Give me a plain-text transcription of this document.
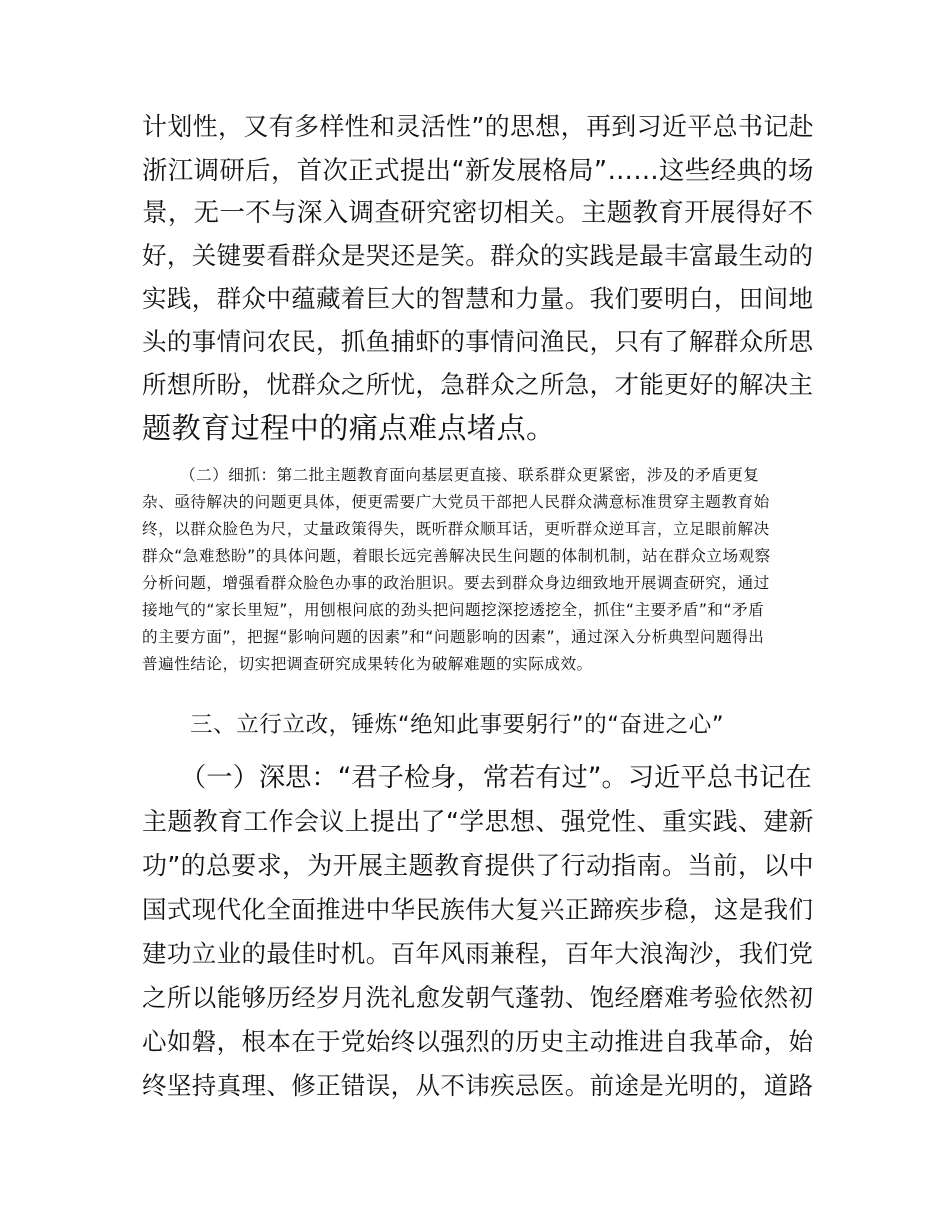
计划性，又有多样性和灵活性”的思想，再到习近平总书记赴
浙江调研后，首次正式提出“新发展格局”……这些经典的场
景，无一不与深入调查研究密切相关。主题教育开展得好不
好，关键要看群众是哭还是笑。群众的实践是最丰富最生动的
实践，群众中蕴藏着巨大的智慧和力量。我们要明白，田间地
头的事情问农民，抓鱼捕虾的事情问渔民，只有了解群众所思
所想所盼，忧群众之所忧，急群众之所急，才能更好的解决主
题教育过程中的痛点难点堵点。
（二）细抓：第二批主题教育面向基层更直接、联系群众更紧密，涉及的矛盾更复
杂、亟待解决的问题更具体，便更需要广大党员干部把人民群众满意标准贯穿主题教育始
终，以群众脸色为尺，丈量政策得失，既听群众顺耳话，更听群众逆耳言，立足眼前解决
群众“急难愁盼”的具体问题，着眼长远完善解决民生问题的体制机制，站在群众立场观察
分析问题，增强看群众脸色办事的政治胆识。要去到群众身边细致地开展调查研究，通过
接地气的“家长里短”，用刨根问底的劲头把问题挖深挖透挖全，抓住“主要矛盾”和“矛盾
的主要方面”，把握“影响问题的因素”和“问题影响的因素”，通过深入分析典型问题得出
普遍性结论，切实把调查研究成果转化为破解难题的实际成效。
三、立行立改，锤炼“绝知此事要躬行”的“奋进之心”
（一）深思：“君子检身，常若有过”。习近平总书记在
主题教育工作会议上提出了“学思想、强党性、重实践、建新
功”的总要求，为开展主题教育提供了行动指南。当前，以中
国式现代化全面推进中华民族伟大复兴正蹄疾步稳，这是我们
建功立业的最佳时机。百年风雨兼程，百年大浪淘沙，我们党
之所以能够历经岁月洗礼愈发朝气蓬勃、饱经磨难考验依然初
心如磐，根本在于党始终以强烈的历史主动推进自我革命，始
终坚持真理、修正错误，从不讳疾忌医。前途是光明的，道路
